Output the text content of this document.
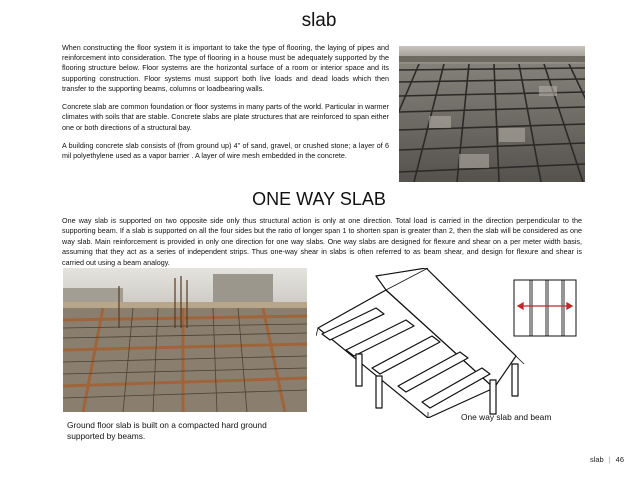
slab

When constructing the floor system it is important to take the type of flooring, the laying of pipes and reinforcement into consideration. The type of flooring in a house must be adequately supported by the flooring structure below. Floor systems are the horizontal surface of a room or interior space and its supporting construction. Floor systems must support both live loads and dead loads which then transfer to the supporting beams, columns or loadbearing walls.

Concrete slab are common foundation or floor systems in many parts of the world. Particular in warmer climates with soils that are stable. Concrete slabs are plate structures that are reinforced to span either one or both directions of a structural bay.

A building concrete slab consists of (from ground up) 4" of sand, gravel, or crushed stone; a layer of 6 mil polyethylene used as a vapor barrier . A layer of wire mesh embedded in the concrete.

ONE WAY SLAB
One way slab is supported on two opposite side only thus structural action is only at one direction. Total load is carried in the direction perpendicular to the supporting beam. If a slab is supported on all the four sides but the ratio of longer span 1 to shorten span is greater than 2, then the slab will be considered as one way slab. Main reinforcement is provided in only one direction for one way slabs. One way slabs are designed for flexure and shear on a per meter width basis, assuming that they act as a series of independent strips. Thus one-way shear in slabs is often referred to as beam shear, and design for flexure and shear is carried out using a beam analogy.
Ground floor slab is built on a compacted hard ground supported by beams.
One way slab and beam
slab | 46
